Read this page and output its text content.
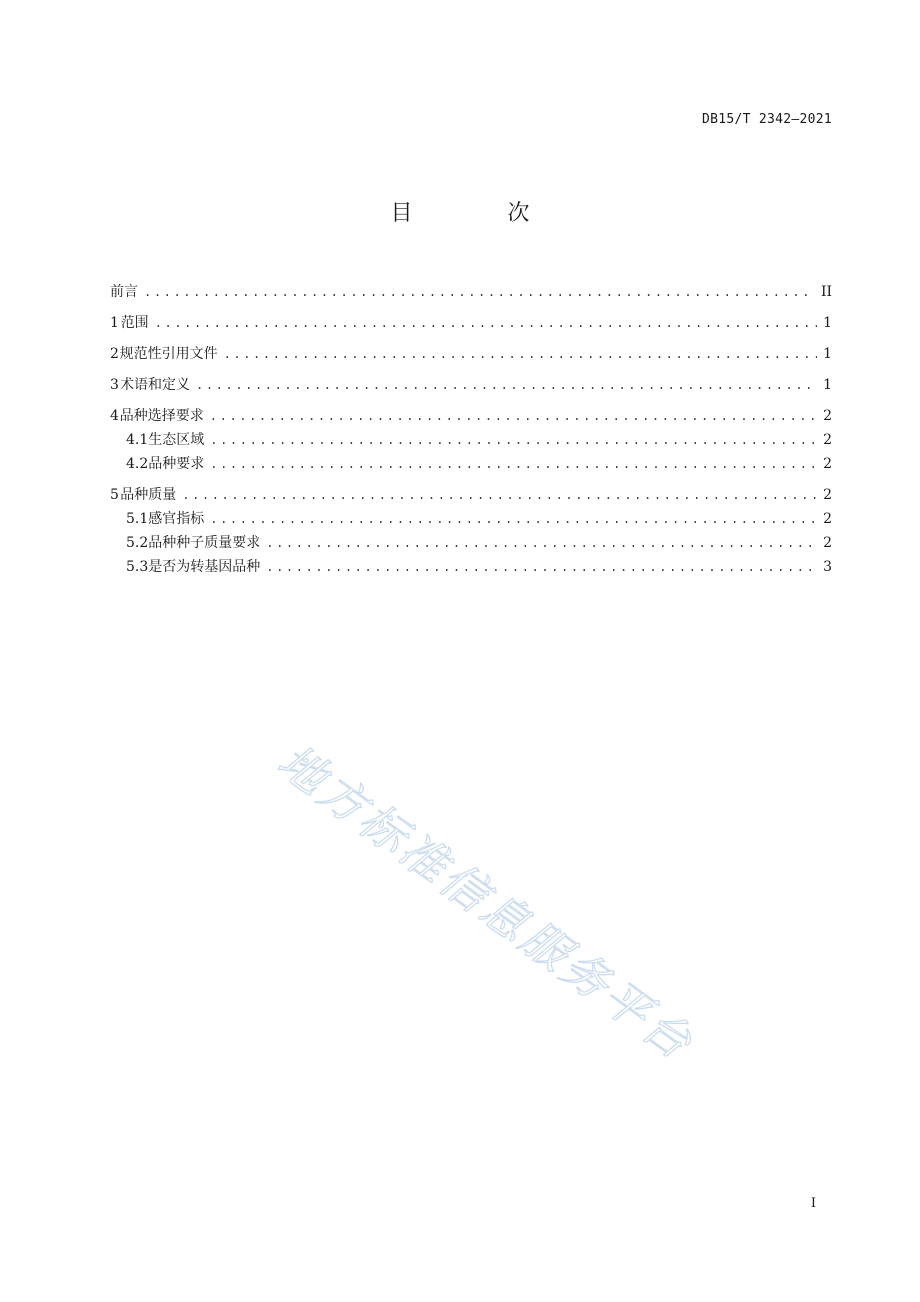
DB15/T 2342—2021
目 次
前言 .....	II
1 范围 .....	1
2 规范性引用文件 .....	1
3 术语和定义 .....	1
4 品种选择要求 .....	2
4.1 生态区域 .....	2
4.2 品种要求 .....	2
5 品种质量 .....	2
5.1 感官指标 .....	2
5.2 品种种子质量要求 .....	2
5.3 是否为转基因品种 .....	3
地方标准信息服务平台
I
